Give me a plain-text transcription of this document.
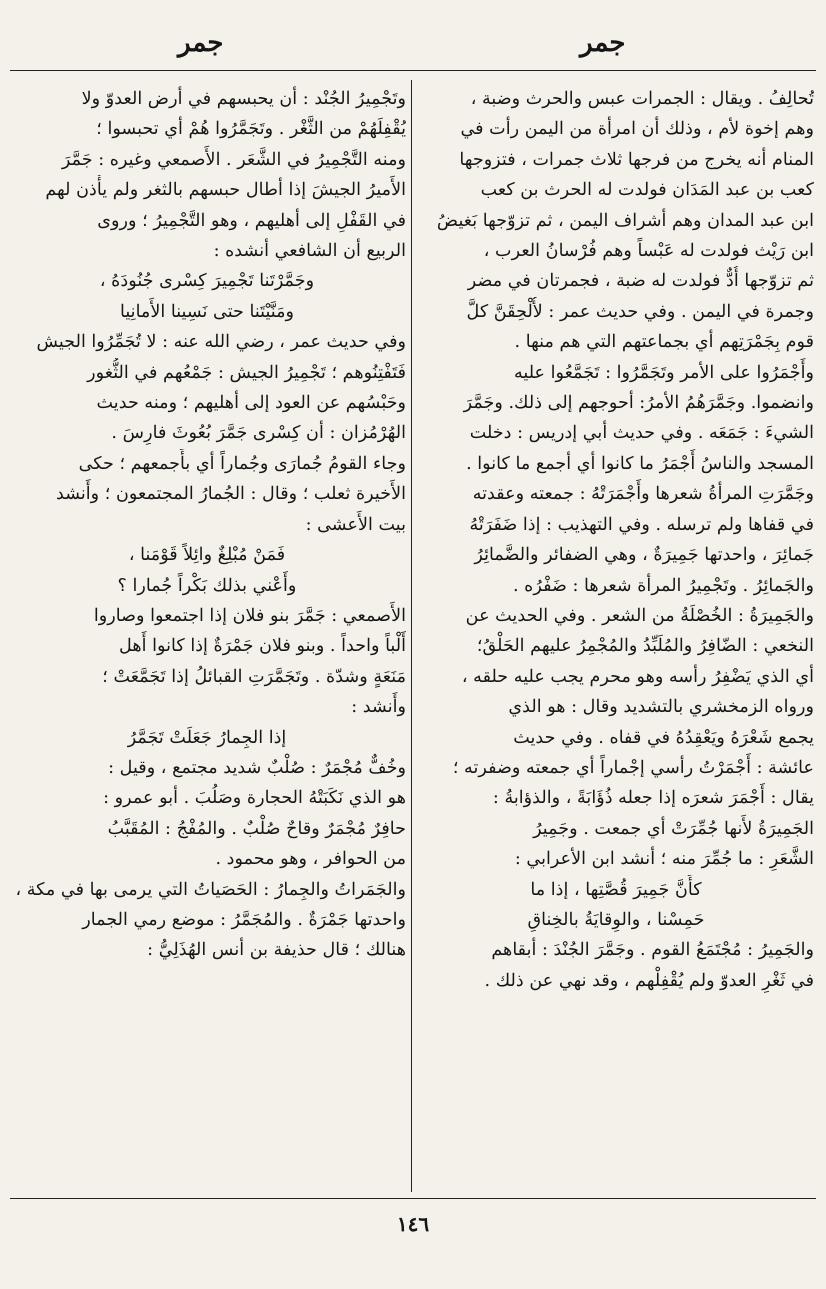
جمر
جمر
تُحالِفُ . ويقال : الجمرات عبس والحرث وضبة ،
وهم إخوة لأم ، وذلك أن امرأة من اليمن رأت في
المنام أنه يخرج من فرجها ثلاث جمرات ، فتزوجها
كعب بن عبد المَدَان فولدت له الحرث بن كعب
ابن عبد المدان وهم أشراف اليمن ، ثم تزوّجها بَغيضُ
ابن رَيْث فولدت له عَبْساً وهم فُرْسانُ العرب ،
ثم تزوّجها أُدٌّ فولدت له ضبة ، فجمرتان في مضر
وجمرة في اليمن . وفي حديث عمر : لأُلْحِقَنَّ كلَّ
قوم بِجَمْرَتِهم أي بجماعتهم التي هم منها .
وأَجْمَرُوا على الأمر وتَجَمَّرُوا : تَجَمَّعُوا عليه
وانضموا. وجَمَّرَهُمُ الأمرُ: أحوجهم إلى ذلك. وجَمَّرَ
الشيءَ : جَمَعَه . وفي حديث أبي إدريس : دخلت
المسجد والناسُ أَجْمَرُ ما كانوا أي أجمع ما كانوا .
وجَمَّرَتِ المرأةُ شعرها وأَجْمَرَتْهُ : جمعته وعقدته
في قفاها ولم ترسله . وفي التهذيب : إذا ضَفَرَتْهُ
جَمائِرَ ، واحدتها جَمِيرَةٌ ، وهي الضفائر والضَّمائِرُ
والجَمائِرُ . وتَجْمِيرُ المرأة شعرها : ضَفْرُه .
والجَمِيرَةُ : الخُصْلَةُ من الشعر . وفي الحديث عن
النخعي : الضّافِرُ والمُلَبِّدُ والمُجْمِرُ عليهم الحَلْقُ؛
أي الذي يَضْفِرُ رأسه وهو محرم يجب عليه حلقه ،
ورواه الزمخشري بالتشديد وقال : هو الذي
يجمع شَعْرَهُ ويَعْقِدُهُ في قفاه . وفي حديث
عائشة : أَجْمَرْتُ رأسي إجْماراً أي جمعته وضفرته ؛
يقال : أَجْمَرَ شعرَه إذا جعله ذُؤَابَةً ، والذؤابةُ :
الجَمِيرَةُ لأَنها جُمِّرَتْ أي جمعت . وجَمِيرُ
الشَّعَرِ : ما جُمِّرَ منه ؛ أنشد ابن الأعرابي :
كأَنَّ جَمِيرَ قُصَّتِها ، إذا ما
حَمِسْنا ، والوِقايَةُ بالخِناقِ
والجَمِيرُ : مُجْتَمَعُ القوم . وجَمَّرَ الجُنْدَ : أبقاهم
في ثَغْرِ العدوّ ولم يُقْفِلْهم ، وقد نهي عن ذلك .
وتَجْمِيرُ الجُنْد : أن يحبسهم في أرض العدوّ ولا
يُقْفِلَهُمْ من الثَّغْر . وتَجَمَّرُوا هُمْ أي تحبسوا ؛
ومنه التَّجْمِيرُ في الشَّعَر . الأَصمعي وغيره : جَمَّرَ
الأَميرُ الجيشَ إذا أطال حبسهم بالثغر ولم يأْذن لهم
في القَفْلِ إلى أهليهم ، وهو التَّجْمِيرُ ؛ وروى
الربيع أن الشافعي أنشده :
وجَمَّرْتَنا تَجْمِيرَ كِسْرى جُنُودَهُ ،
ومَنَّيْتَنا حتى نَسِينا الأَمانِيا
وفي حديث عمر ، رضي الله عنه : لا تُجَمِّرُوا الجيش
فَتَفْتِنُوهم ؛ تَجْمِيرُ الجيش : جَمْعُهم في الثُّغور
وحَبْسُهم عن العود إلى أهليهم ؛ ومنه حديث
الهُرْمُزان : أن كِسْرى جَمَّرَ بُعُوثَ فارِسَ .
وجاء القومُ جُمارَى وجُماراً أي بأَجمعهم ؛ حكى
الأَخيرة ثعلب ؛ وقال : الجُمارُ المجتمعون ؛ وأَنشد
بيت الأَعشى :
فَمَنْ مُبْلِغٌ وائِلاً قَوْمَنا ،
وأَعْني بذلك بَكْراً جُمارا ؟
الأَصمعي : جَمَّرَ بنو فلان إذا اجتمعوا وصاروا
أَلْباً واحداً . وبنو فلان جَمْرَةٌ إذا كانوا أَهل
مَنَعَةٍ وشدّة . وتَجَمَّرَتِ القبائلُ إذا تَجَمَّعَتْ ؛
وأَنشد :
إذا الجِمارُ جَعَلَتْ تَجَمَّرُ
وخُفٌّ مُجْمَرٌ : صُلْبٌ شديد مجتمع ، وقيل :
هو الذي نَكَبَتْهُ الحجارة وصَلُبَ . أبو عمرو :
حافِرٌ مُجْمَرٌ وقاحٌ صُلْبٌ . والمُفْجُ : المُقَبَّبُ
من الحوافر ، وهو محمود .
والجَمَراتُ والجِمارُ : الحَصَياتُ التي يرمى بها في مكة ،
واحدتها جَمْرَةٌ . والمُجَمَّرُ : موضع رمي الجمار
هنالك ؛ قال حذيفة بن أنس الهُذَلِيُّ :
١٤٦
